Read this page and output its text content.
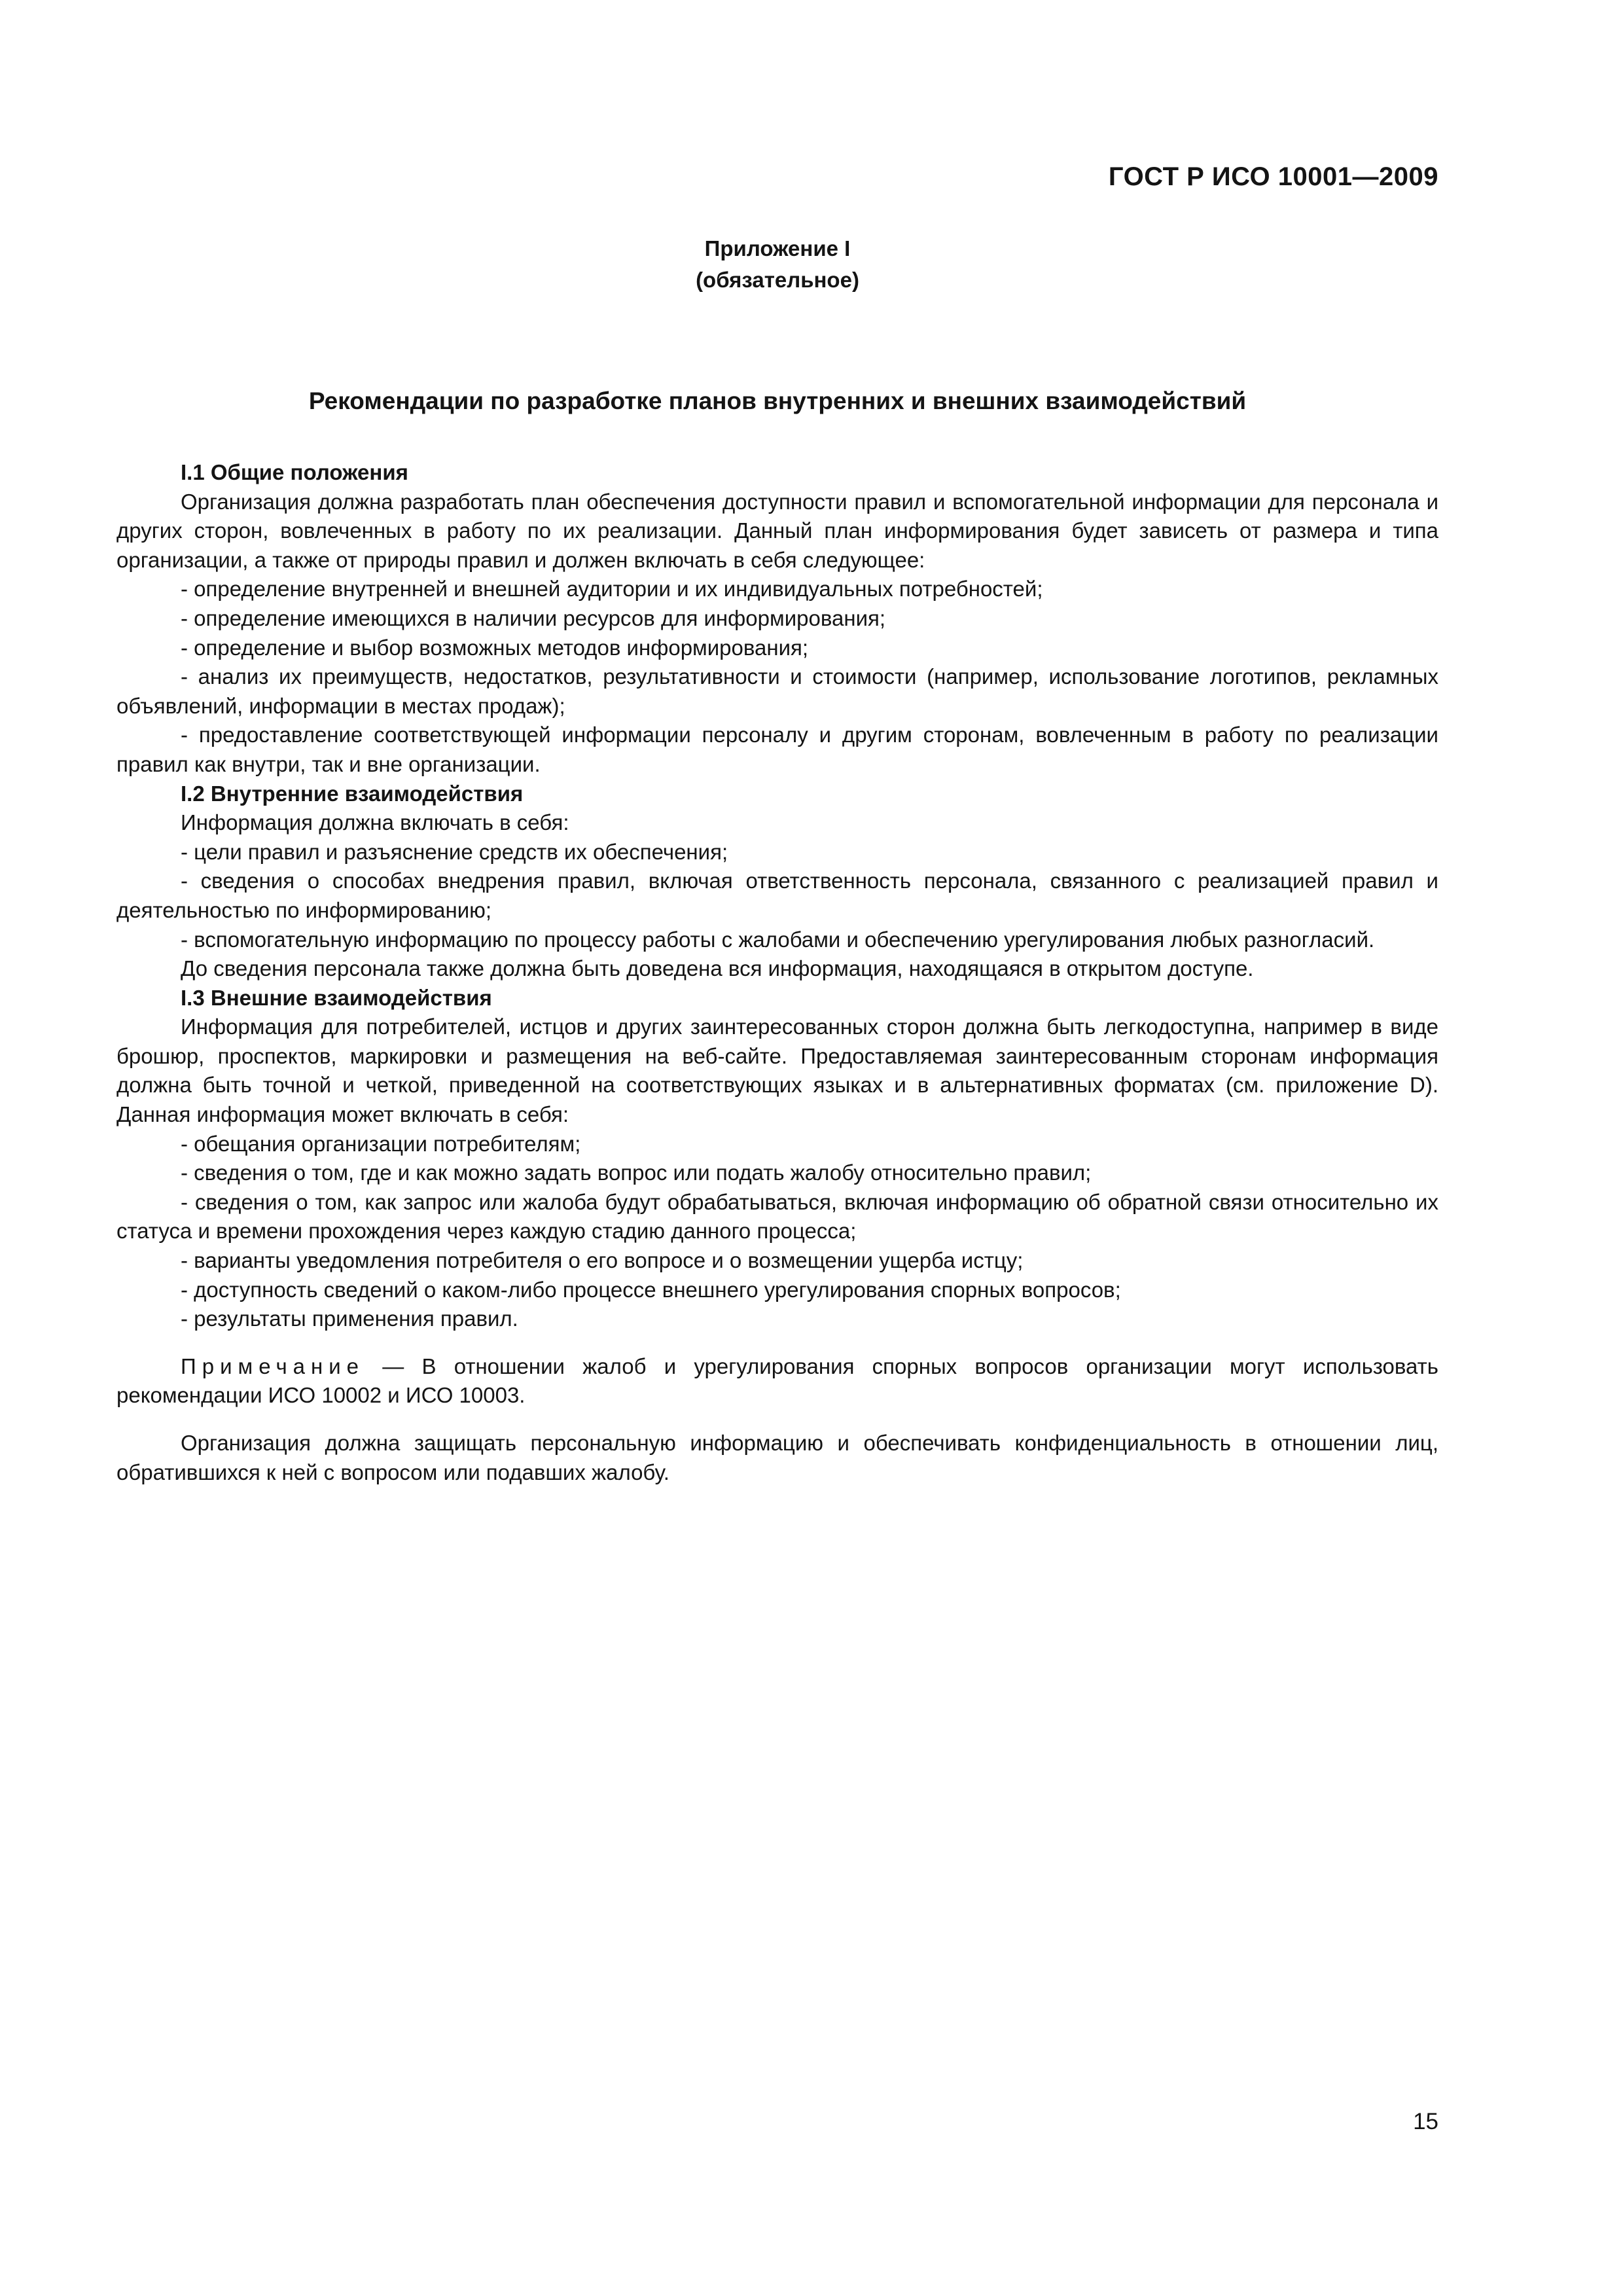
ГОСТ Р ИСО 10001—2009
Приложение I
(обязательное)
Рекомендации по разработке планов внутренних и внешних взаимодействий

I.1 Общие положения

Организация должна разработать план обеспечения доступности правил и вспомогательной информации для персонала и других сторон, вовлеченных в работу по их реализации. Данный план информирования будет зависеть от размера и типа организации, а также от природы правил и должен включать в себя следующее:

- определение внутренней и внешней аудитории и их индивидуальных потребностей;

- определение имеющихся в наличии ресурсов для информирования;

- определение и выбор возможных методов информирования;

- анализ их преимуществ, недостатков, результативности и стоимости (например, использование логотипов, рекламных объявлений, информации в местах продаж);

- предоставление соответствующей информации персоналу и другим сторонам, вовлеченным в работу по реализации правил как внутри, так и вне организации.

I.2 Внутренние взаимодействия

Информация должна включать в себя:

- цели правил и разъяснение средств их обеспечения;

- сведения о способах внедрения правил, включая ответственность персонала, связанного с реализацией правил и деятельностью по информированию;

- вспомогательную информацию по процессу работы с жалобами и обеспечению урегулирования любых разногласий.

До сведения персонала также должна быть доведена вся информация, находящаяся в открытом доступе.

I.3 Внешние взаимодействия

Информация для потребителей, истцов и других заинтересованных сторон должна быть легкодоступна, например в виде брошюр, проспектов, маркировки и размещения на веб-сайте. Предоставляемая заинтересованным сторонам информация должна быть точной и четкой, приведенной на соответствующих языках и в альтернативных форматах (см. приложение D). Данная информация может включать в себя:

- обещания организации потребителям;

- сведения о том, где и как можно задать вопрос или подать жалобу относительно правил;

- сведения о том, как запрос или жалоба будут обрабатываться, включая информацию об обратной связи относительно их статуса и времени прохождения через каждую стадию данного процесса;

- варианты уведомления потребителя о его вопросе и о возмещении ущерба истцу;

- доступность сведений о каком-либо процессе внешнего урегулирования спорных вопросов;

- результаты применения правил.

Примечание — В отношении жалоб и урегулирования спорных вопросов организации могут использовать рекомендации ИСО 10002 и ИСО 10003.

Организация должна защищать персональную информацию и обеспечивать конфиденциальность в отношении лиц, обратившихся к ней с вопросом или подавших жалобу.

15
